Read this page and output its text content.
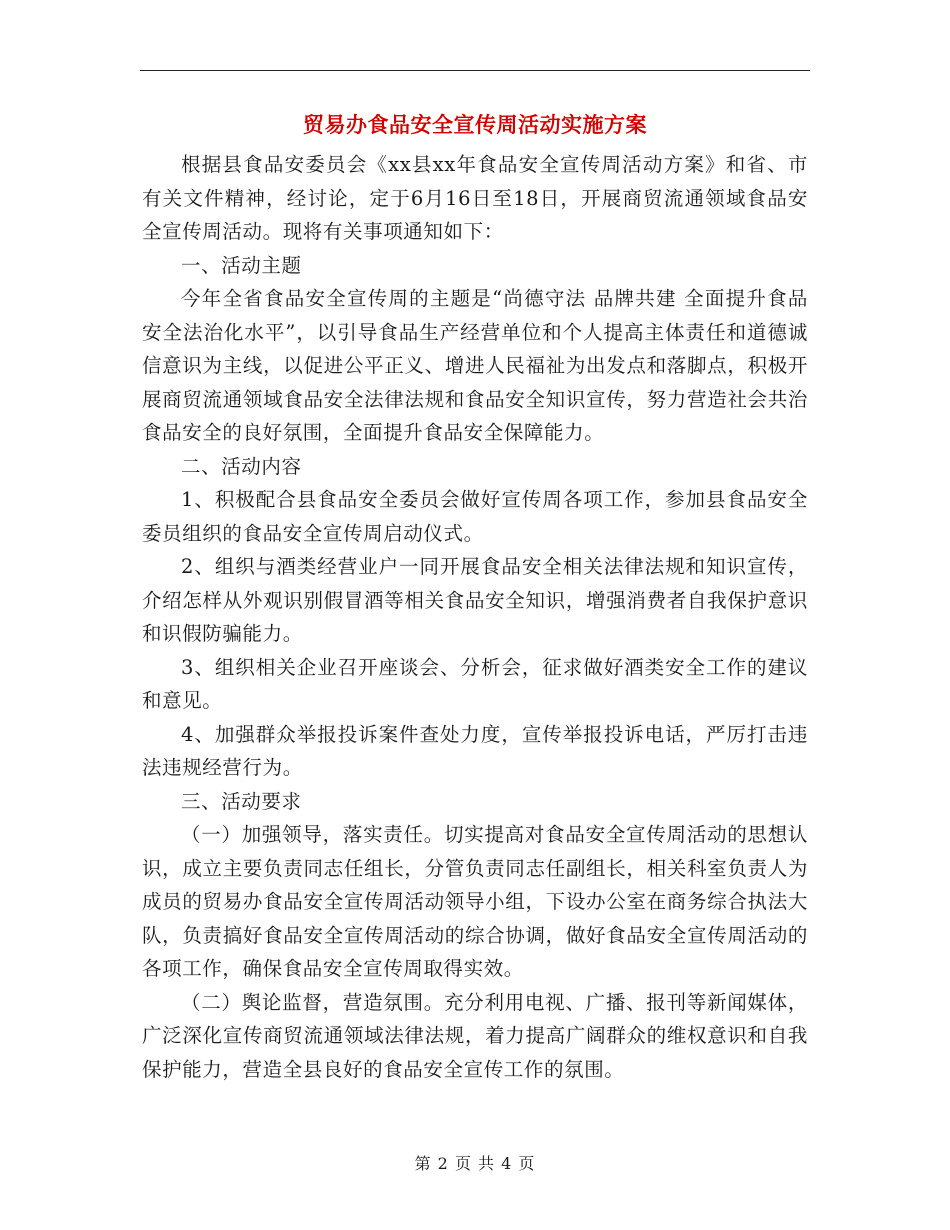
贸易办食品安全宣传周活动实施方案

根据县食品安委员会《xx县xx年食品安全宣传周活动方案》和省、市有关文件精神，经讨论，定于6月16日至18日，开展商贸流通领域食品安全宣传周活动。现将有关事项通知如下：

一、活动主题

今年全省食品安全宣传周的主题是“尚德守法 品牌共建 全面提升食品安全法治化水平”，以引导食品生产经营单位和个人提高主体责任和道德诚信意识为主线，以促进公平正义、增进人民福祉为出发点和落脚点，积极开展商贸流通领域食品安全法律法规和食品安全知识宣传，努力营造社会共治食品安全的良好氛围，全面提升食品安全保障能力。

二、活动内容

1、积极配合县食品安全委员会做好宣传周各项工作，参加县食品安全委员组织的食品安全宣传周启动仪式。

2、组织与酒类经营业户一同开展食品安全相关法律法规和知识宣传，介绍怎样从外观识别假冒酒等相关食品安全知识，增强消费者自我保护意识和识假防骗能力。

3、组织相关企业召开座谈会、分析会，征求做好酒类安全工作的建议和意见。

4、加强群众举报投诉案件查处力度，宣传举报投诉电话，严厉打击违法违规经营行为。

三、活动要求

（一）加强领导，落实责任。切实提高对食品安全宣传周活动的思想认识，成立主要负责同志任组长，分管负责同志任副组长，相关科室负责人为成员的贸易办食品安全宣传周活动领导小组，下设办公室在商务综合执法大队，负责搞好食品安全宣传周活动的综合协调，做好食品安全宣传周活动的各项工作，确保食品安全宣传周取得实效。

（二）舆论监督，营造氛围。充分利用电视、广播、报刊等新闻媒体，广泛深化宣传商贸流通领域法律法规，着力提高广阔群众的维权意识和自我保护能力，营造全县良好的食品安全宣传工作的氛围。

第 2 页 共 4 页
